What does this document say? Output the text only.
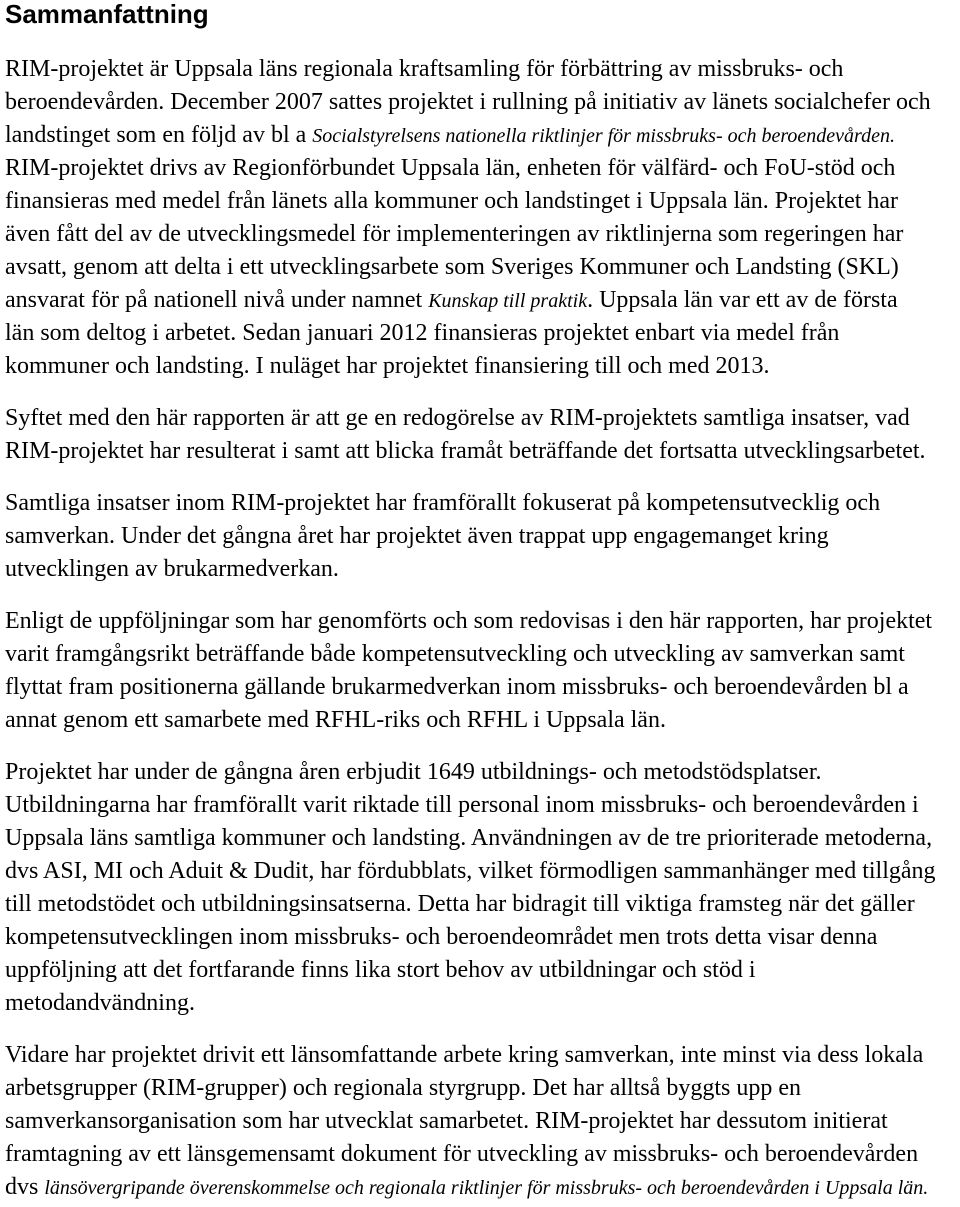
Sammanfattning
RIM-projektet är Uppsala läns regionala kraftsamling för förbättring av missbruks- och
beroendevården. December 2007 sattes projektet i rullning på initiativ av länets socialchefer och
landstinget som en följd av bl a Socialstyrelsens nationella riktlinjer för missbruks- och beroendevården.
RIM-projektet drivs av Regionförbundet Uppsala län, enheten för välfärd- och FoU-stöd och
finansieras med medel från länets alla kommuner och landstinget i Uppsala län. Projektet har
även fått del av de utvecklingsmedel för implementeringen av riktlinjerna som regeringen har
avsatt, genom att delta i ett utvecklingsarbete som Sveriges Kommuner och Landsting (SKL)
ansvarat för på nationell nivå under namnet Kunskap till praktik. Uppsala län var ett av de första
län som deltog i arbetet. Sedan januari 2012 finansieras projektet enbart via medel från
kommuner och landsting. I nuläget har projektet finansiering till och med 2013.
Syftet med den här rapporten är att ge en redogörelse av RIM-projektets samtliga insatser, vad
RIM-projektet har resulterat i samt att blicka framåt beträffande det fortsatta utvecklingsarbetet.
Samtliga insatser inom RIM-projektet har framförallt fokuserat på kompetensutvecklig och
samverkan. Under det gångna året har projektet även trappat upp engagemanget kring
utvecklingen av brukarmedverkan.
Enligt de uppföljningar som har genomförts och som redovisas i den här rapporten, har projektet
varit framgångsrikt beträffande både kompetensutveckling och utveckling av samverkan samt
flyttat fram positionerna gällande brukarmedverkan inom missbruks- och beroendevården bl a
annat genom ett samarbete med RFHL-riks och RFHL i Uppsala län.
Projektet har under de gångna åren erbjudit 1649 utbildnings- och metodstödsplatser.
Utbildningarna har framförallt varit riktade till personal inom missbruks- och beroendevården i
Uppsala läns samtliga kommuner och landsting. Användningen av de tre prioriterade metoderna,
dvs ASI, MI och Aduit & Dudit, har fördubblats, vilket förmodligen sammanhänger med tillgång
till metodstödet och utbildningsinsatserna. Detta har bidragit till viktiga framsteg när det gäller
kompetensutvecklingen inom missbruks- och beroendeområdet men trots detta visar denna
uppföljning att det fortfarande finns lika stort behov av utbildningar och stöd i
metodandvändning.
Vidare har projektet drivit ett länsomfattande arbete kring samverkan, inte minst via dess lokala
arbetsgrupper (RIM-grupper) och regionala styrgrupp. Det har alltså byggts upp en
samverkansorganisation som har utvecklat samarbetet. RIM-projektet har dessutom initierat
framtagning av ett länsgemensamt dokument för utveckling av missbruks- och beroendevården
dvs länsövergripande överenskommelse och regionala riktlinjer för missbruks- och beroendevården i Uppsala län.
